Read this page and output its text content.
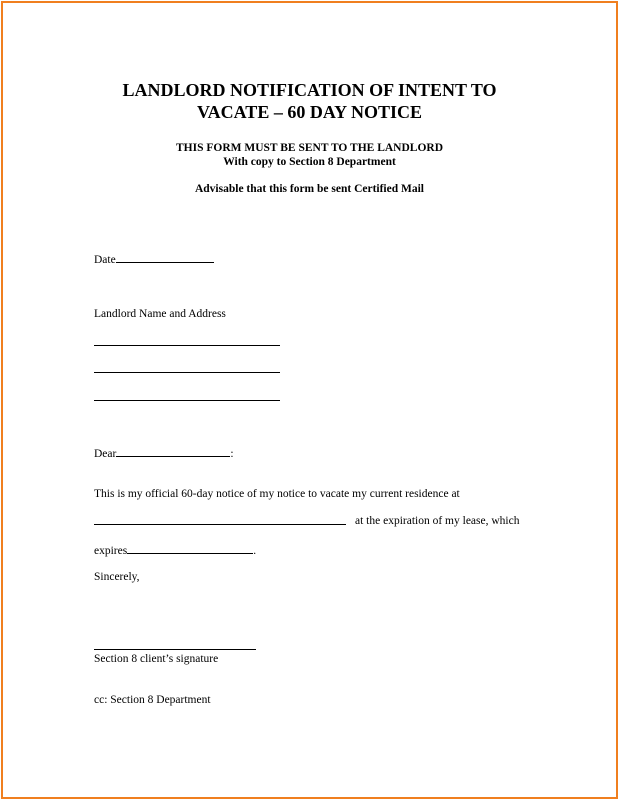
LANDLORD NOTIFICATION OF INTENT TO
VACATE – 60 DAY NOTICE
THIS FORM MUST BE SENT TO THE LANDLORD
With copy to Section 8 Department
Advisable that this form be sent Certified Mail
Date
Landlord Name and Address
Dear	:
This is my official 60-day notice of my notice to vacate my current residence at
at the expiration of my lease, which
expires	.
Sincerely,
Section 8 client’s signature
cc: Section 8 Department
